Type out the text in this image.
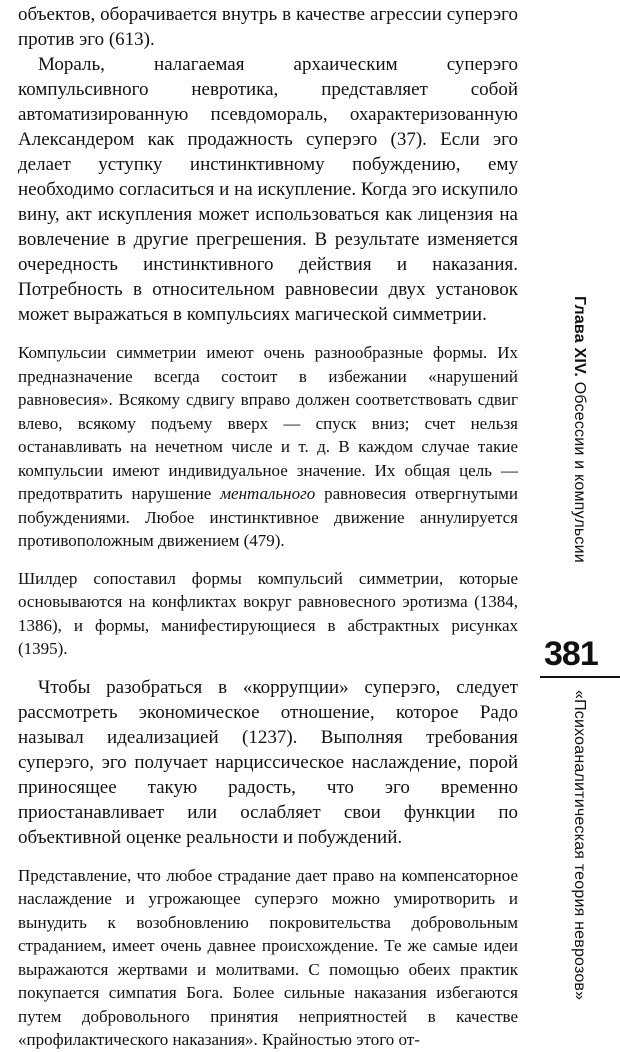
объектов, оборачивается внутрь в качестве агрессии суперэго против эго (613).

Мораль, налагаемая архаическим суперэго компульсивного невротика, представляет собой автоматизированную псевдомораль, охарактеризованную Александером как продажность суперэго (37). Если эго делает уступку инстинктивному побуждению, ему необходимо согласиться и на искупление. Когда эго искупило вину, акт искупления может использоваться как лицензия на вовлечение в другие прегрешения. В результате изменяется очередность инстинктивного действия и наказания. Потребность в относительном равновесии двух установок может выражаться в компульсиях магической симметрии.

Компульсии симметрии имеют очень разнообразные формы. Их предназначение всегда состоит в избежании «нарушений равновесия». Всякому сдвигу вправо должен соответствовать сдвиг влево, всякому подъему вверх — спуск вниз; счет нельзя останавливать на нечетном числе и т. д. В каждом случае такие компульсии имеют индивидуальное значение. Их общая цель — предотвратить нарушение ментального равновесия отвергнутыми побуждениями. Любое инстинктивное движение аннулируется противоположным движением (479).

Шилдер сопоставил формы компульсий симметрии, которые основываются на конфликтах вокруг равновесного эротизма (1384, 1386), и формы, манифестирующиеся в абстрактных рисунках (1395).

Чтобы разобраться в «коррупции» суперэго, следует рассмотреть экономическое отношение, которое Радо называл идеализацией (1237). Выполняя требования суперэго, эго получает нарциссическое наслаждение, порой приносящее такую радость, что эго временно приостанавливает или ослабляет свои функции по объективной оценке реальности и побуждений.

Представление, что любое страдание дает право на компенсаторное наслаждение и угрожающее суперэго можно умиротворить и вынудить к возобновлению покровительства добровольным страданием, имеет очень давнее происхождение. Те же самые идеи выражаются жертвами и молитвами. С помощью обеих практик покупается симпатия Бога. Более сильные наказания избегаются путем добровольного принятия неприятностей в качестве «профилактического наказания». Крайностью этого от-

Глава XIV. Обсессии и компульсии
381
«Психоаналитическая теория неврозов»
